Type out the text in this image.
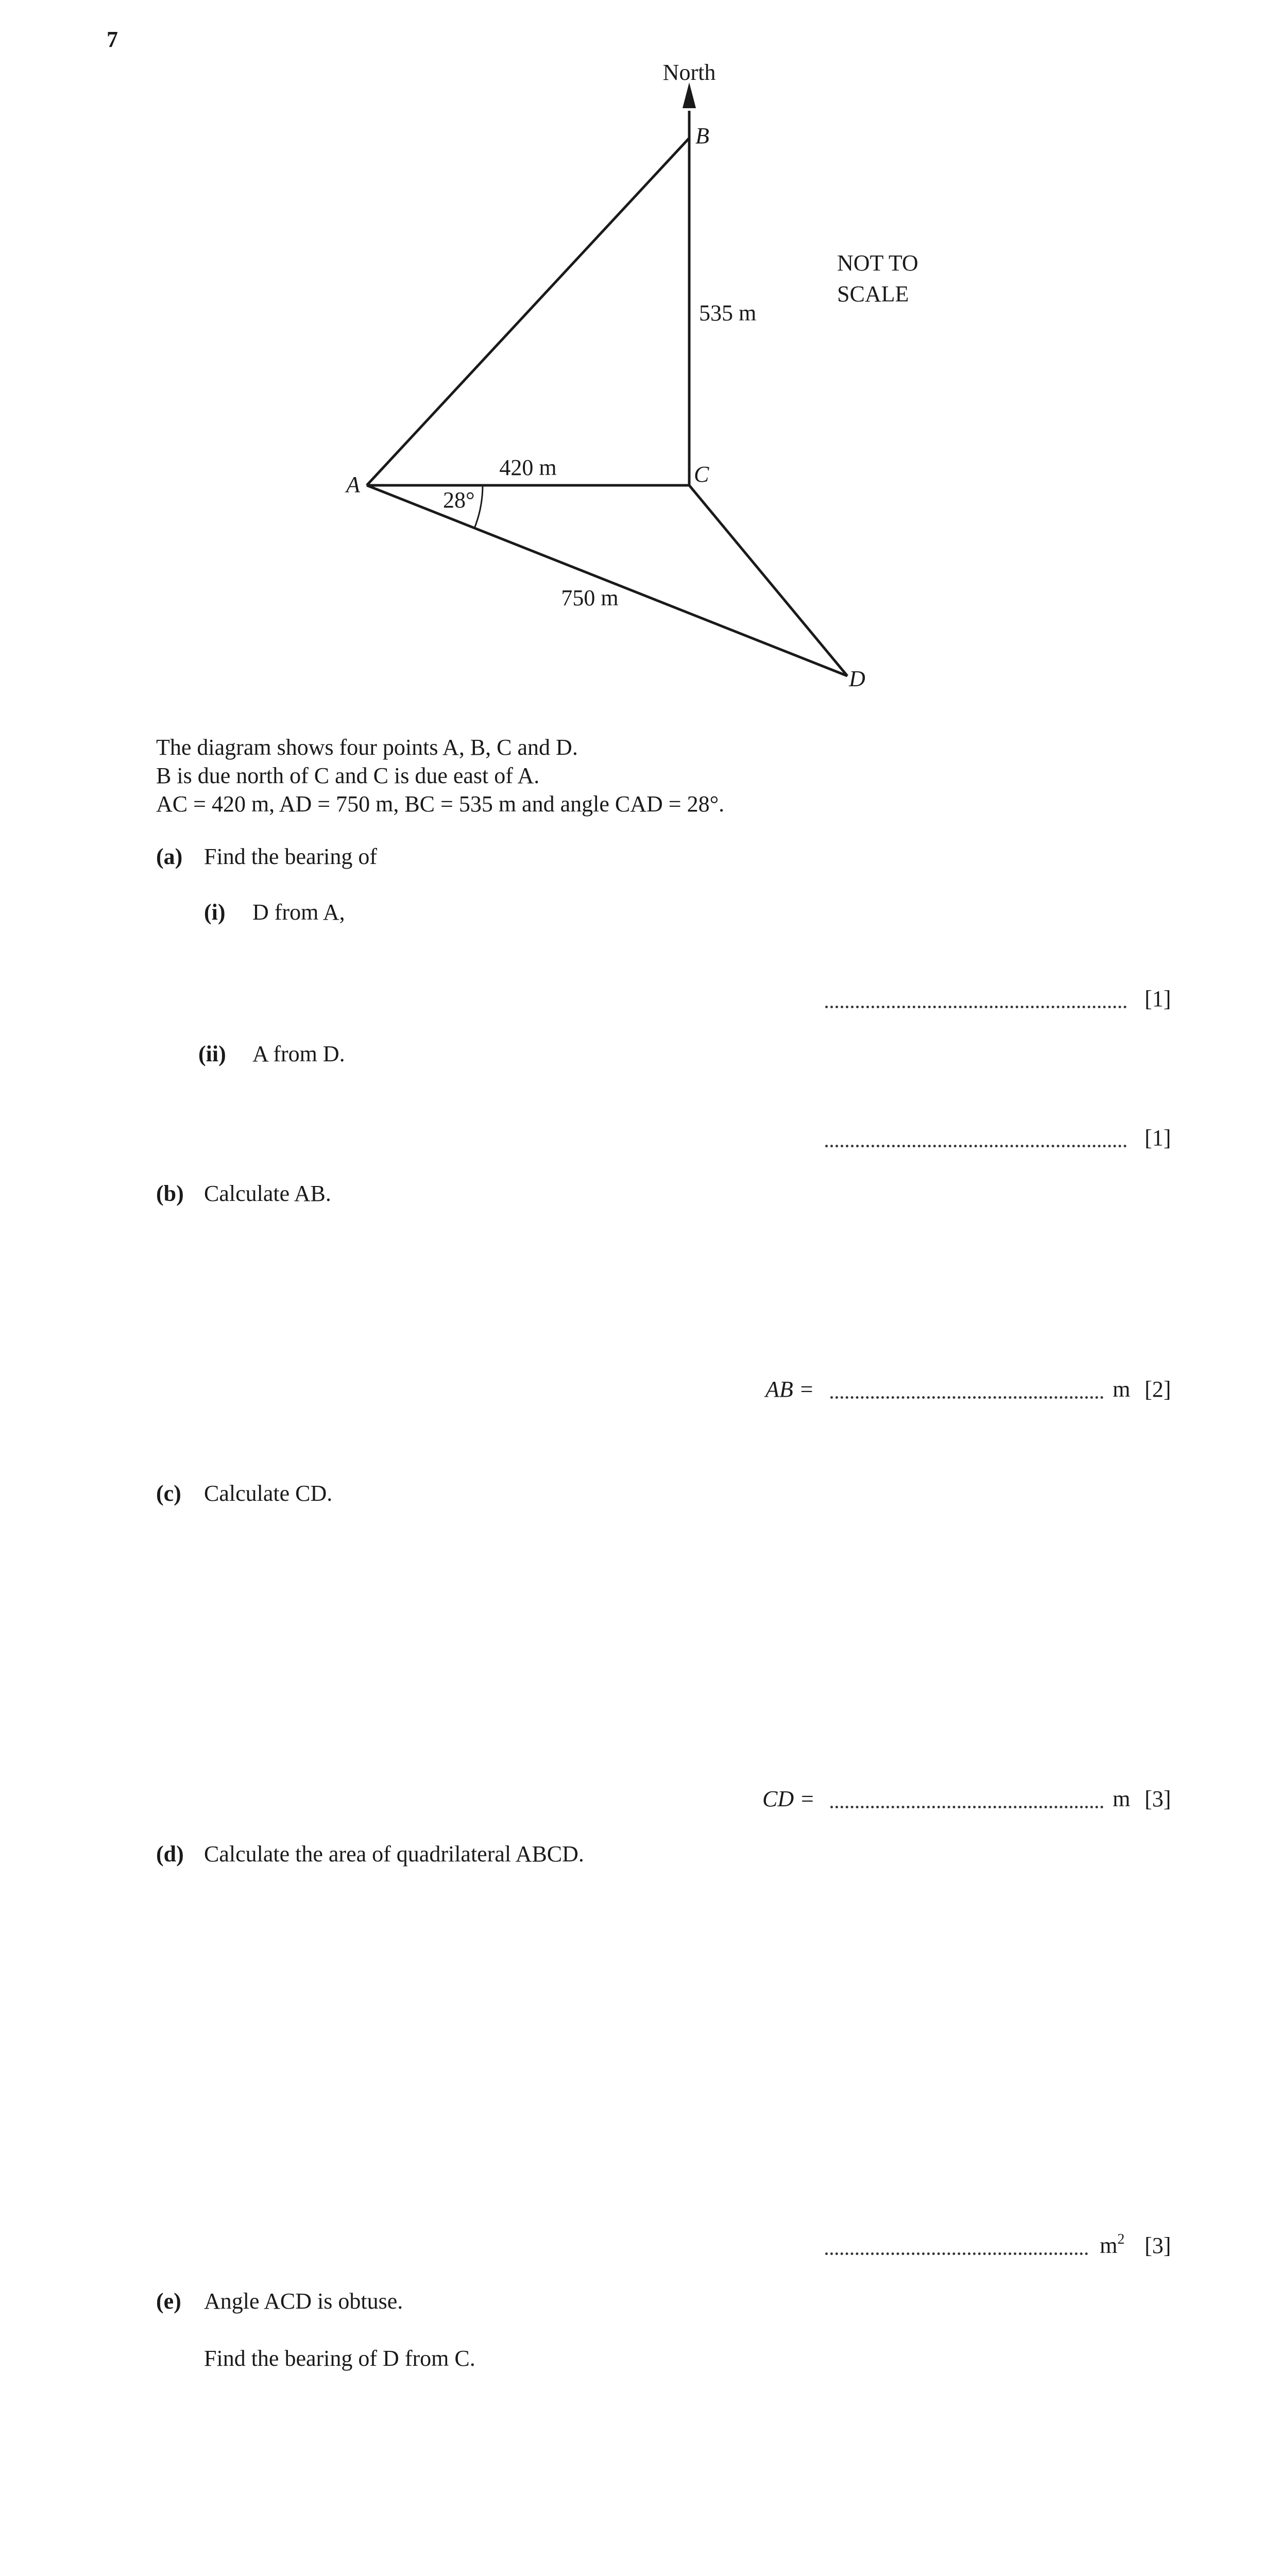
7
North
B
C
A
D
535 m
420 m
750 m
28°
NOT TO
SCALE
The diagram shows four points A, B, C and D.
B is due north of C and C is due east of A.
AC = 420 m, AD = 750 m, BC = 535 m and angle CAD = 28°.
(a) Find the bearing of
(i) D from A,
[1]
(ii) A from D.
[1]
(b) Calculate AB.
AB =	m [2]
(c) Calculate CD.
CD =	m [3]
(d) Calculate the area of quadrilateral ABCD.
$m^2$ [3]
(e) Angle ACD is obtuse.
Find the bearing of D from C.
